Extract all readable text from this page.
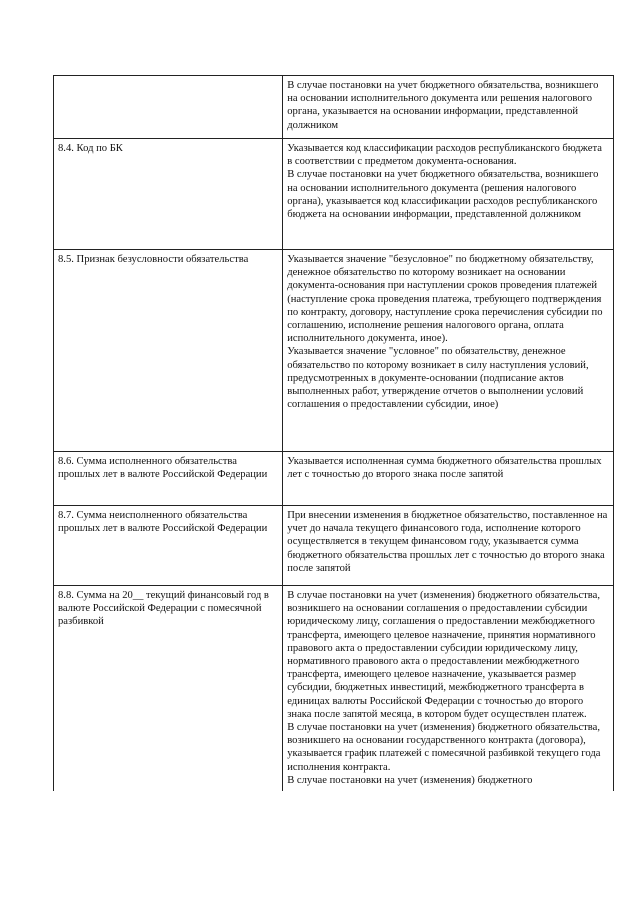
	В случае постановки на учет бюджетного обязательства, возникшего на основании исполнительного документа или решения налогового органа, указывается на основании информации, представленной должником

8.4. Код по БК	Указывается код классификации расходов республиканского бюджета в соответствии с предметом документа-основания.
В случае постановки на учет бюджетного обязательства, возникшего на основании исполнительного документа (решения налогового органа), указывается код классификации расходов республиканского бюджета на основании информации, представленной должником

8.5. Признак безусловности обязательства	Указывается значение "безусловное" по бюджетному обязательству, денежное обязательство по которому возникает на основании документа-основания при наступлении сроков проведения платежей (наступление срока проведения платежа, требующего подтверждения по контракту, договору, наступление срока перечисления субсидии по соглашению, исполнение решения налогового органа, оплата исполнительного документа, иное).
Указывается значение "условное" по обязательству, денежное обязательство по которому возникает в силу наступления условий, предусмотренных в документе-основании (подписание актов выполненных работ, утверждение отчетов о выполнении условий соглашения о предоставлении субсидии, иное)

8.6. Сумма исполненного обязательства прошлых лет в валюте Российской Федерации	Указывается исполненная сумма бюджетного обязательства прошлых лет с точностью до второго знака после запятой

8.7. Сумма неисполненного обязательства прошлых лет в валюте Российской Федерации	При внесении изменения в бюджетное обязательство, поставленное на учет до начала текущего финансового года, исполнение которого осуществляется в текущем финансовом году, указывается сумма бюджетного обязательства прошлых лет с точностью до второго знака после запятой

8.8. Сумма на 20__ текущий финансовый год в валюте Российской Федерации с помесячной разбивкой	В случае постановки на учет (изменения) бюджетного обязательства, возникшего на основании соглашения о предоставлении субсидии юридическому лицу, соглашения о предоставлении межбюджетного трансферта, имеющего целевое назначение, принятия нормативного правового акта о предоставлении субсидии юридическому лицу, нормативного правового акта о предоставлении межбюджетного трансферта, имеющего целевое назначение, указывается размер субсидии, бюджетных инвестиций, межбюджетного трансферта в единицах валюты Российской Федерации с точностью до второго знака после запятой месяца, в котором будет осуществлен платеж.
В случае постановки на учет (изменения) бюджетного обязательства, возникшего на основании государственного контракта (договора), указывается график платежей с помесячной разбивкой текущего года исполнения контракта.
В случае постановки на учет (изменения) бюджетного
